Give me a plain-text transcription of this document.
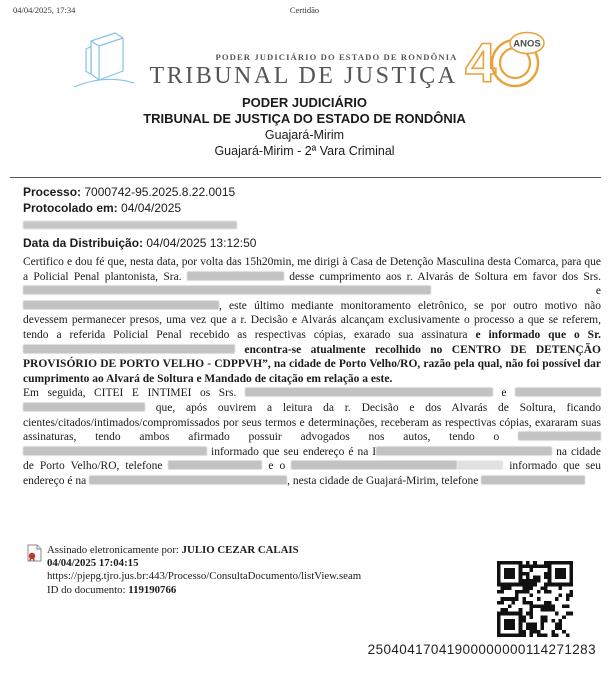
04/04/2025, 17:34	Certidão
PODER JUDICIÁRIO DO ESTADO DE RONDÔNIA
TRIBUNAL DE JUSTIÇA 4 ANOS
PODER JUDICIÁRIO
TRIBUNAL DE JUSTIÇA DO ESTADO DE RONDÔNIA
Guajará-Mirim
Guajará-Mirim - 2ª Vara Criminal
Processo: 7000742-95.2025.8.22.0015
Protocolado em: 04/04/2025
Data da Distribuição: 04/04/2025 13:12:50
Certifico e dou fé que, nesta data, por volta das 15h20min, me dirigi à Casa de Detenção Masculina desta Comarca, para que a Policial Penal plantonista, Sra.	desse cumprimento aos r. Alvarás de Soltura em favor dos Srs.  e , este último mediante monitoramento eletrônico, se por outro motivo não devessem permanecer presos, uma vez que a r. Decisão e Alvarás alcançam exclusivamente o processo a que se referem, tendo a referida Policial Penal recebido as respectivas cópias, exarado sua assinatura e informado que o Sr.  encontra-se atualmente recolhido no CENTRO DE DETENÇÃO PROVISÓRIO DE PORTO VELHO - CDPPVH”, na cidade de Porto Velho/RO, razão pela qual, não foi possível dar cumprimento ao Alvará de Soltura e Mandado de citação em relação a este.
Em seguida, CITEI E INTIMEI os Srs.	e  que, após ouvirem a leitura da r. Decisão e dos Alvarás de Soltura, ficando cientes/citados/intimados/compromissados por seus termos e determinações, receberam as respectivas cópias, exararam suas assinaturas, tendo ambos afirmado possuir advogados nos autos, tendo o  informado que seu endereço é na I	na cidade de Porto Velho/RO, telefone	e o	informado que seu endereço é na	, nesta cidade de Guajará-Mirim, telefone
Assinado eletronicamente por: JULIO CEZAR CALAIS
04/04/2025 17:04:15
https://pjepg.tjro.jus.br:443/Processo/ConsultaDocumento/listView.seam
ID do documento: 119190766
25040417041900000000114271283
